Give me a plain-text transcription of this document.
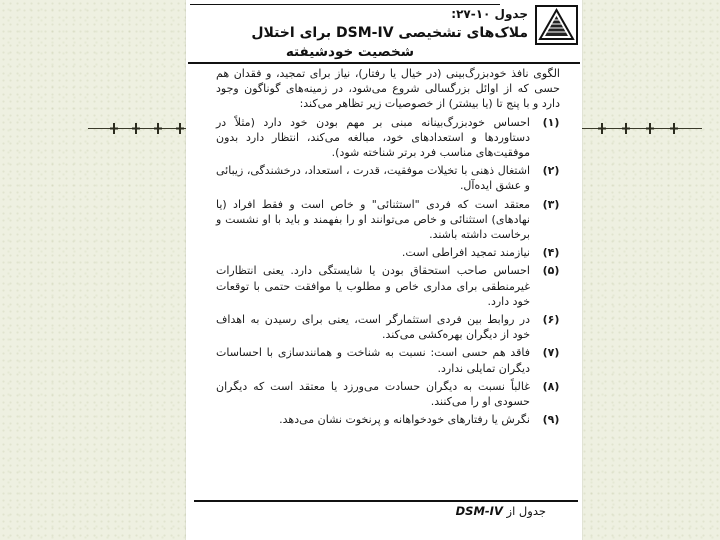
جدول ۱۰-۲۷:
ملاک‌های تشخیصی DSM-IV برای اختلال
شخصیت خودشیفته

الگوی نافذ خودبزرگ‌بینی (در خیال یا رفتار)، نیاز برای تمجید، و فقدان هم حسی که از اوائل بزرگسالی شروع می‌شود، در زمینه‌های گوناگون وجود دارد و با پنج تا (یا بیشتر) از خصوصیات زیر تظاهر می‌کند:

(۱)
احساس خودبزرگ‌بینانه مبنی بر مهم بودن خود دارد (مثلاً در دستاوردها و استعدادهای خود، مبالغه می‌کند، انتظار دارد بدون موفقیت‌های مناسب فرد برتر شناخته شود).
(۲)
اشتغال ذهنی با تخیلات موفقیت، قدرت ، استعداد، درخشندگی، زیبائی و عشق ایده‌آل.
(۳)
معتقد است که فردی "استثنائی" و خاص است و فقط افراد (یا نهادهای) استثنائی و خاص می‌توانند او را بفهمند و باید با او نشست و برخاست داشته باشند.
(۴)
نیازمند تمجید افراطی است.
(۵)
احساس صاحب استحقاق بودن یا شایستگی دارد. یعنی انتظارات غیرمنطقی برای مداری خاص و مطلوب یا موافقت حتمی با توقعات خود دارد.
(۶)
در روابط بین فردی استثمارگر است، یعنی برای رسیدن به اهداف خود از دیگران بهره‌کشی می‌کند.
(۷)
فاقد هم حسی است: نسبت به شناخت و همانندسازی با احساسات دیگران تمایلی ندارد.
(۸)
غالباً نسبت به دیگران حسادت می‌ورزد یا معتقد است که دیگران حسودی او را می‌کنند.
(۹)
نگرش یا رفتارهای خودخواهانه و پرنخوت نشان می‌دهد.
جدول از DSM-IV
